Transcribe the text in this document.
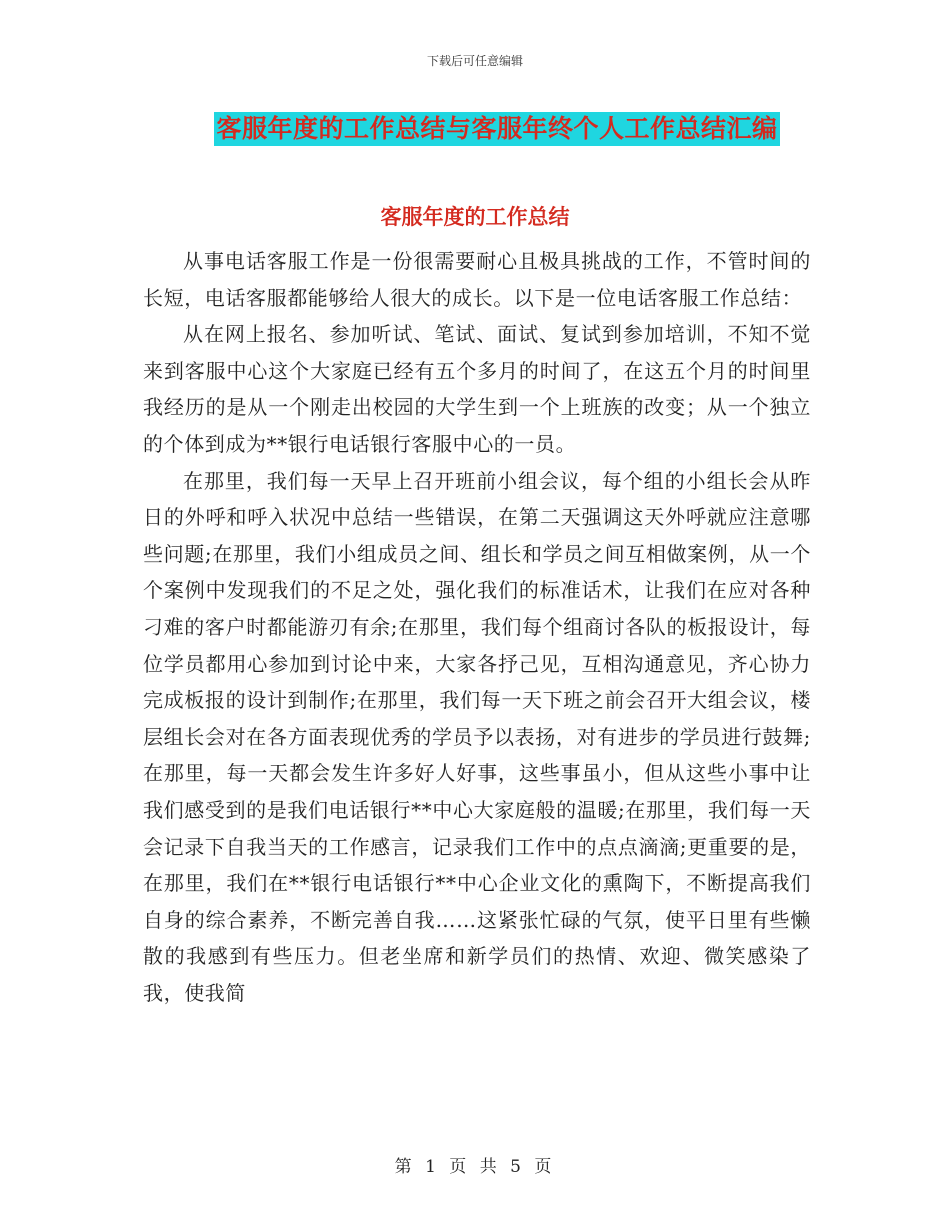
下载后可任意编辑
客服年度的工作总结与客服年终个人工作总结汇编
客服年度的工作总结

从事电话客服工作是一份很需要耐心且极具挑战的工作，不管时间的长短，电话客服都能够给人很大的成长。以下是一位电话客服工作总结：

从在网上报名、参加听试、笔试、面试、复试到参加培训，不知不觉来到客服中心这个大家庭已经有五个多月的时间了，在这五个月的时间里我经历的是从一个刚走出校园的大学生到一个上班族的改变；从一个独立的个体到成为**银行电话银行客服中心的一员。

在那里，我们每一天早上召开班前小组会议，每个组的小组长会从昨日的外呼和呼入状况中总结一些错误，在第二天强调这天外呼就应注意哪些问题;在那里，我们小组成员之间、组长和学员之间互相做案例，从一个个案例中发现我们的不足之处，强化我们的标准话术，让我们在应对各种刁难的客户时都能游刃有余;在那里，我们每个组商讨各队的板报设计，每位学员都用心参加到讨论中来，大家各抒己见，互相沟通意见，齐心协力完成板报的设计到制作;在那里，我们每一天下班之前会召开大组会议，楼层组长会对在各方面表现优秀的学员予以表扬，对有进步的学员进行鼓舞;在那里，每一天都会发生许多好人好事，这些事虽小，但从这些小事中让我们感受到的是我们电话银行**中心大家庭般的温暖;在那里，我们每一天会记录下自我当天的工作感言，记录我们工作中的点点滴滴;更重要的是，在那里，我们在**银行电话银行**中心企业文化的熏陶下，不断提高我们自身的综合素养，不断完善自我……这紧张忙碌的气氛，使平日里有些懒散的我感到有些压力。但老坐席和新学员们的热情、欢迎、微笑感染了我，使我简

第 1 页 共 5 页
